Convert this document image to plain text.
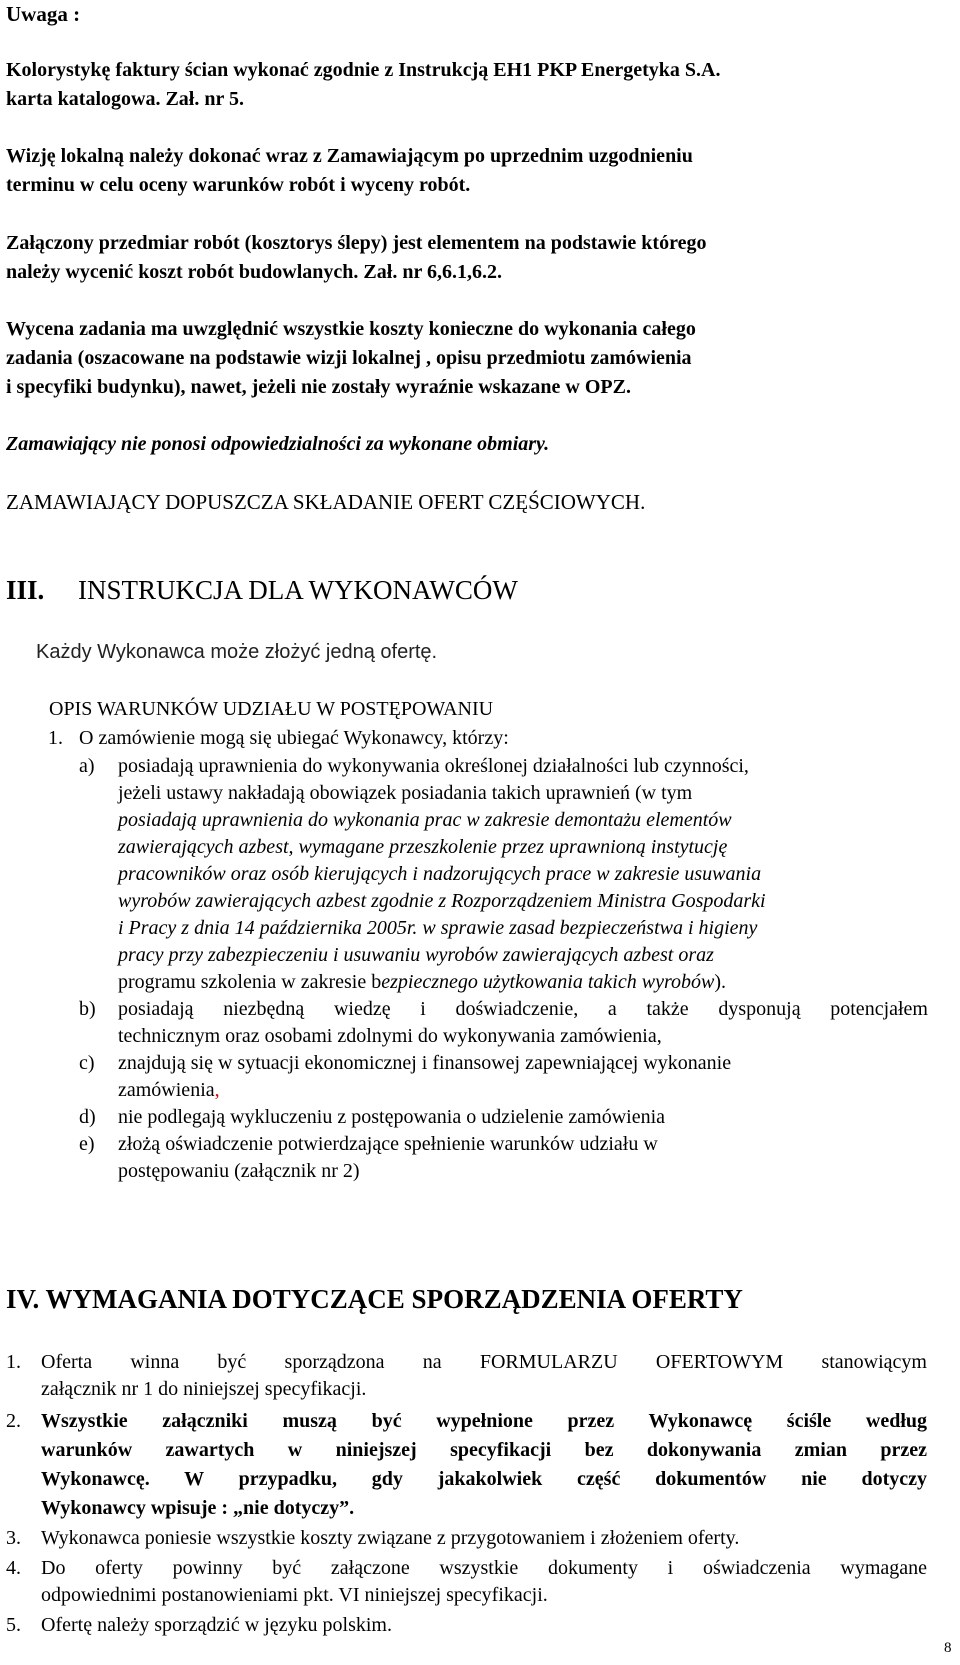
Uwaga :
Kolorystykę faktury ścian wykonać zgodnie z Instrukcją EH1 PKP Energetyka S.A.
karta katalogowa. Zał. nr 5.
Wizję lokalną należy dokonać wraz z Zamawiającym po uprzednim uzgodnieniu
terminu w celu oceny warunków robót i wyceny robót.
Załączony przedmiar robót (kosztorys ślepy) jest elementem na podstawie którego
należy wycenić koszt robót budowlanych. Zał. nr 6,6.1,6.2.
Wycena zadania ma uwzględnić wszystkie koszty konieczne do wykonania całego
zadania (oszacowane na podstawie wizji lokalnej , opisu przedmiotu zamówienia
i specyfiki budynku), nawet, jeżeli nie zostały wyraźnie wskazane w OPZ.
Zamawiający nie ponosi odpowiedzialności za wykonane obmiary.
ZAMAWIAJĄCY DOPUSZCZA SKŁADANIE OFERT CZĘŚCIOWYCH.
III. INSTRUKCJA DLA WYKONAWCÓW
Każdy Wykonawca może złożyć jedną ofertę.
OPIS WARUNKÓW UDZIAŁU W POSTĘPOWANIU
1. O zamówienie mogą się ubiegać Wykonawcy, którzy:
a) posiadają uprawnienia do wykonywania określonej działalności lub czynności,
jeżeli ustawy nakładają obowiązek posiadania takich uprawnień (w tym
posiadają uprawnienia do wykonania prac w zakresie demontażu elementów
zawierających azbest, wymagane przeszkolenie przez uprawnioną instytucję
pracowników oraz osób kierujących i nadzorujących prace w zakresie usuwania
wyrobów zawierających azbest zgodnie z Rozporządzeniem Ministra Gospodarki
i Pracy z dnia 14 października 2005r. w sprawie zasad bezpieczeństwa i higieny
pracy przy zabezpieczeniu i usuwaniu wyrobów zawierających azbest oraz
programu szkolenia w zakresie bezpiecznego użytkowania takich wyrobów).
b) posiadają niezbędną wiedzę i doświadczenie, a także dysponują potencjałem
technicznym oraz osobami zdolnymi do wykonywania zamówienia,
c) znajdują się w sytuacji ekonomicznej i finansowej zapewniającej wykonanie
zamówienia,
d) nie podlegają wykluczeniu z postępowania o udzielenie zamówienia
e) złożą oświadczenie potwierdzające spełnienie warunków udziału w
postępowaniu (załącznik nr 2)
IV. WYMAGANIA DOTYCZĄCE SPORZĄDZENIA OFERTY
1. Oferta winna być sporządzona na FORMULARZU OFERTOWYM stanowiącym
załącznik nr 1 do niniejszej specyfikacji.
2. Wszystkie załączniki muszą być wypełnione przez Wykonawcę ściśle według
warunków zawartych w niniejszej specyfikacji bez dokonywania zmian przez
Wykonawcę. W przypadku, gdy jakakolwiek część dokumentów nie dotyczy
Wykonawcy wpisuje : „nie dotyczy”.
3. Wykonawca poniesie wszystkie koszty związane z przygotowaniem i złożeniem oferty.
4. Do oferty powinny być załączone wszystkie dokumenty i oświadczenia wymagane
odpowiednimi postanowieniami pkt. VI niniejszej specyfikacji.
5. Ofertę należy sporządzić w języku polskim.
8
